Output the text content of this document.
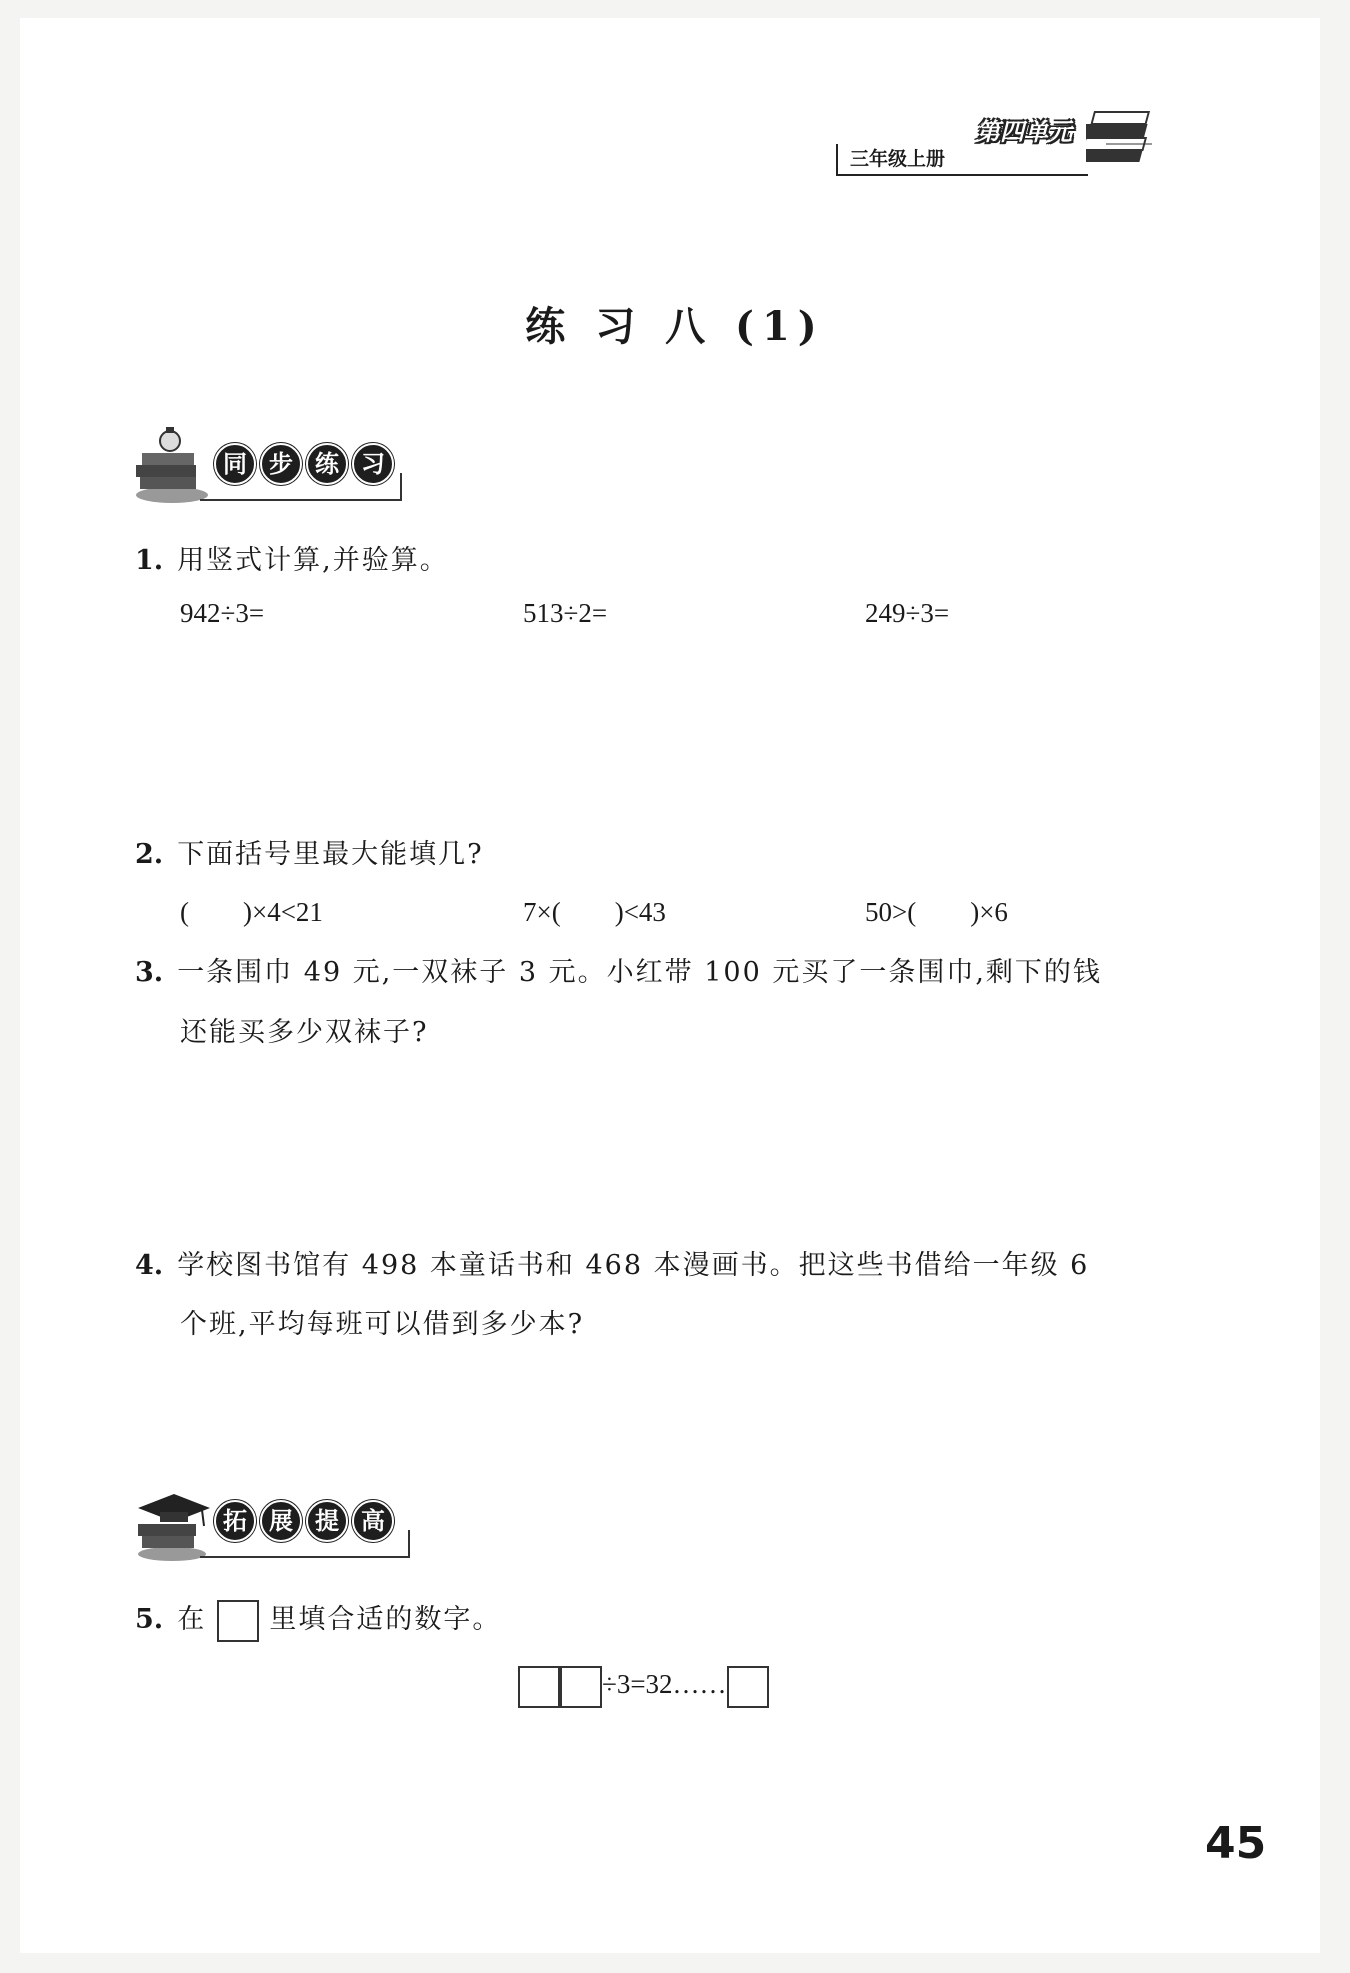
三年级上册
第四单元
练 习 八 (1)
同 步 练 习
1. 用竖式计算,并验算。
942÷3=	513÷2=	249÷3=
2. 下面括号里最大能填几?
(　　)×4<21	7×(　　)<43	50>(　　)×6
3. 一条围巾 49 元,一双袜子 3 元。小红带 100 元买了一条围巾,剩下的钱
还能买多少双袜子?
4. 学校图书馆有 498 本童话书和 468 本漫画书。把这些书借给一年级 6
个班,平均每班可以借到多少本?
拓 展 提 高
5. 在 里填合适的数字。
÷3=32……
45
